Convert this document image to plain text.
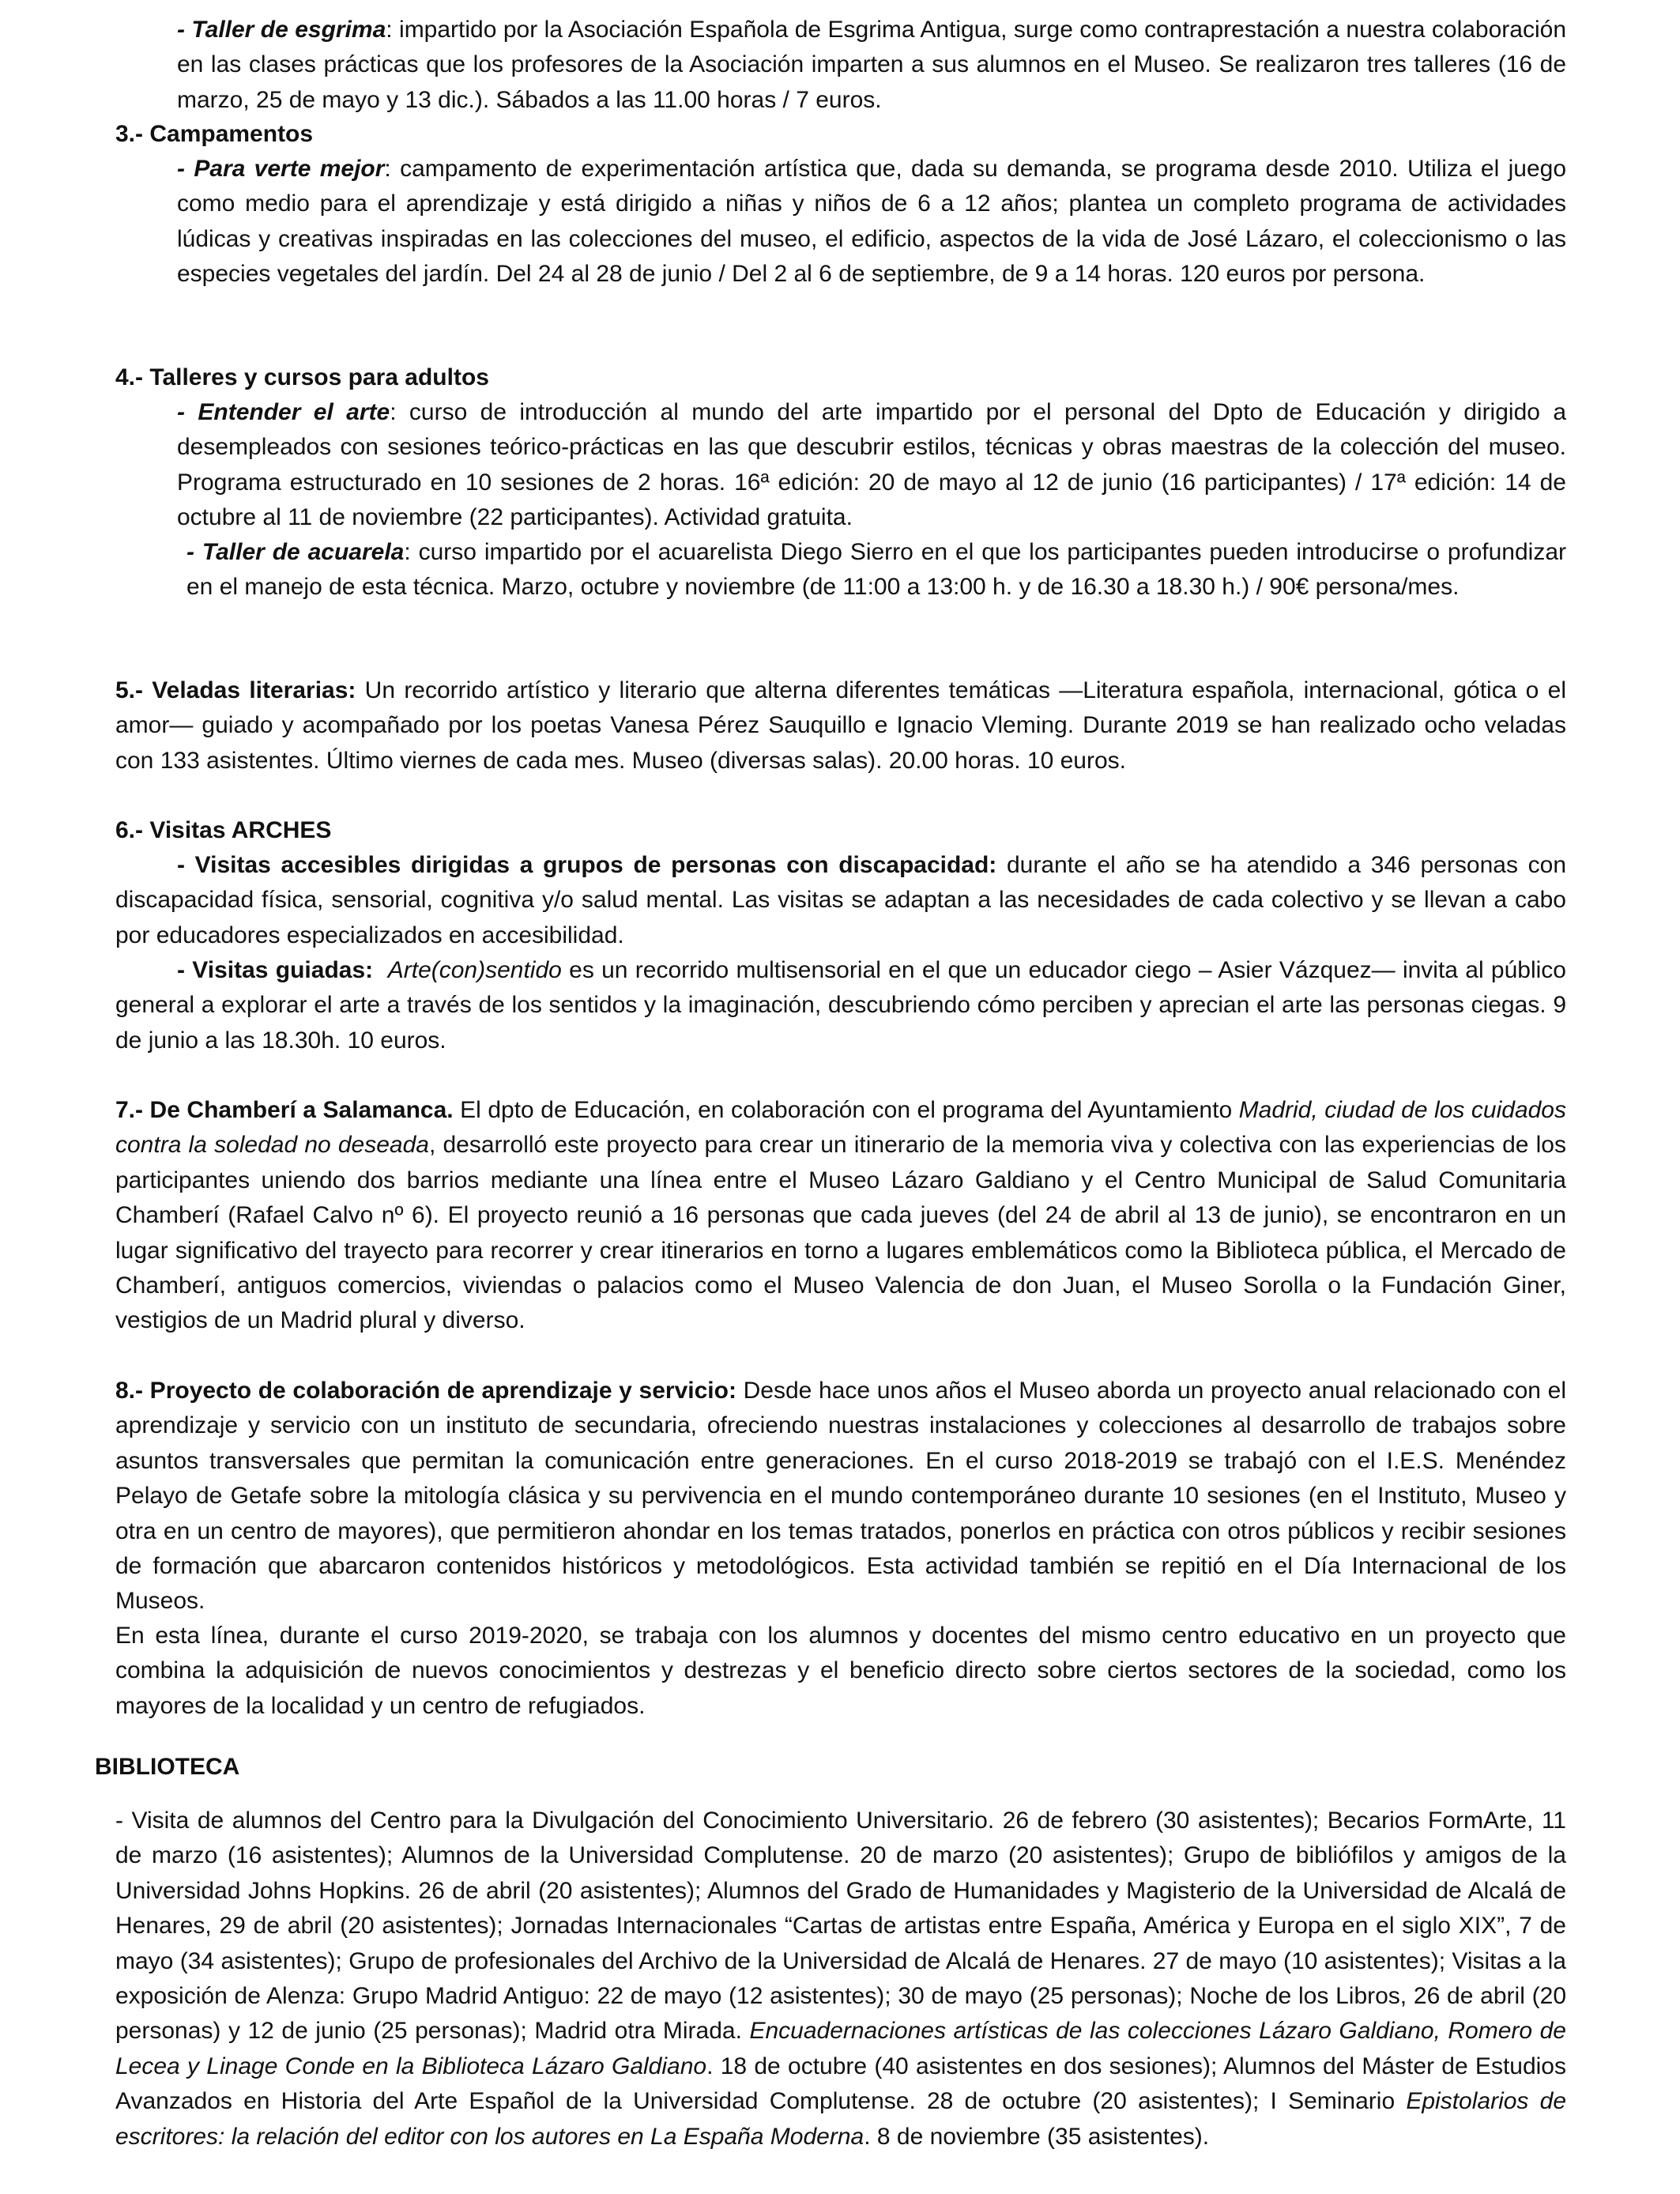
- Taller de esgrima: impartido por la Asociación Española de Esgrima Antigua, surge como contraprestación a nuestra colaboración en las clases prácticas que los profesores de la Asociación imparten a sus alumnos en el Museo. Se realizaron tres talleres (16 de marzo, 25 de mayo y 13 dic.). Sábados a las 11.00 horas / 7 euros.

3.- Campamentos

- Para verte mejor: campamento de experimentación artística que, dada su demanda, se programa desde 2010. Utiliza el juego como medio para el aprendizaje y está dirigido a niñas y niños de 6 a 12 años; plantea un completo programa de actividades lúdicas y creativas inspiradas en las colecciones del museo, el edificio, aspectos de la vida de José Lázaro, el coleccionismo o las especies vegetales del jardín. Del 24 al 28 de junio / Del 2 al 6 de septiembre, de 9 a 14 horas. 120 euros por persona.

4.- Talleres y cursos para adultos

- Entender el arte: curso de introducción al mundo del arte impartido por el personal del Dpto de Educación y dirigido a desempleados con sesiones teórico-prácticas en las que descubrir estilos, técnicas y obras maestras de la colección del museo. Programa estructurado en 10 sesiones de 2 horas. 16ª edición: 20 de mayo al 12 de junio (16 participantes) / 17ª edición: 14 de octubre al 11 de noviembre (22 participantes). Actividad gratuita.

- Taller de acuarela: curso impartido por el acuarelista Diego Sierro en el que los participantes pueden introducirse o profundizar en el manejo de esta técnica. Marzo, octubre y noviembre (de 11:00 a 13:00 h. y de 16.30 a 18.30 h.) / 90€ persona/mes.

5.- Veladas literarias: Un recorrido artístico y literario que alterna diferentes temáticas —Literatura española, internacional, gótica o el amor— guiado y acompañado por los poetas Vanesa Pérez Sauquillo e Ignacio Vleming. Durante 2019 se han realizado ocho veladas con 133 asistentes. Último viernes de cada mes. Museo (diversas salas). 20.00 horas. 10 euros.

6.- Visitas ARCHES

- Visitas accesibles dirigidas a grupos de personas con discapacidad: durante el año se ha atendido a 346 personas con discapacidad física, sensorial, cognitiva y/o salud mental. Las visitas se adaptan a las necesidades de cada colectivo y se llevan a cabo por educadores especializados en accesibilidad.

- Visitas guiadas: Arte(con)sentido es un recorrido multisensorial en el que un educador ciego – Asier Vázquez— invita al público general a explorar el arte a través de los sentidos y la imaginación, descubriendo cómo perciben y aprecian el arte las personas ciegas. 9 de junio a las 18.30h. 10 euros.

7.- De Chamberí a Salamanca. El dpto de Educación, en colaboración con el programa del Ayuntamiento Madrid, ciudad de los cuidados contra la soledad no deseada, desarrolló este proyecto para crear un itinerario de la memoria viva y colectiva con las experiencias de los participantes uniendo dos barrios mediante una línea entre el Museo Lázaro Galdiano y el Centro Municipal de Salud Comunitaria Chamberí (Rafael Calvo nº 6). El proyecto reunió a 16 personas que cada jueves (del 24 de abril al 13 de junio), se encontraron en un lugar significativo del trayecto para recorrer y crear itinerarios en torno a lugares emblemáticos como la Biblioteca pública, el Mercado de Chamberí, antiguos comercios, viviendas o palacios como el Museo Valencia de don Juan, el Museo Sorolla o la Fundación Giner, vestigios de un Madrid plural y diverso.

8.- Proyecto de colaboración de aprendizaje y servicio: Desde hace unos años el Museo aborda un proyecto anual relacionado con el aprendizaje y servicio con un instituto de secundaria, ofreciendo nuestras instalaciones y colecciones al desarrollo de trabajos sobre asuntos transversales que permitan la comunicación entre generaciones. En el curso 2018-2019 se trabajó con el I.E.S. Menéndez Pelayo de Getafe sobre la mitología clásica y su pervivencia en el mundo contemporáneo durante 10 sesiones (en el Instituto, Museo y otra en un centro de mayores), que permitieron ahondar en los temas tratados, ponerlos en práctica con otros públicos y recibir sesiones de formación que abarcaron contenidos históricos y metodológicos. Esta actividad también se repitió en el Día Internacional de los Museos.

En esta línea, durante el curso 2019-2020, se trabaja con los alumnos y docentes del mismo centro educativo en un proyecto que combina la adquisición de nuevos conocimientos y destrezas y el beneficio directo sobre ciertos sectores de la sociedad, como los mayores de la localidad y un centro de refugiados.

BIBLIOTECA

- Visita de alumnos del Centro para la Divulgación del Conocimiento Universitario. 26 de febrero (30 asistentes); Becarios FormArte, 11 de marzo (16 asistentes); Alumnos de la Universidad Complutense. 20 de marzo (20 asistentes); Grupo de bibliófilos y amigos de la Universidad Johns Hopkins. 26 de abril (20 asistentes); Alumnos del Grado de Humanidades y Magisterio de la Universidad de Alcalá de Henares, 29 de abril (20 asistentes); Jornadas Internacionales “Cartas de artistas entre España, América y Europa en el siglo XIX”, 7 de mayo (34 asistentes); Grupo de profesionales del Archivo de la Universidad de Alcalá de Henares. 27 de mayo (10 asistentes); Visitas a la exposición de Alenza: Grupo Madrid Antiguo: 22 de mayo (12 asistentes); 30 de mayo (25 personas); Noche de los Libros, 26 de abril (20 personas) y 12 de junio (25 personas); Madrid otra Mirada. Encuadernaciones artísticas de las colecciones Lázaro Galdiano, Romero de Lecea y Linage Conde en la Biblioteca Lázaro Galdiano. 18 de octubre (40 asistentes en dos sesiones); Alumnos del Máster de Estudios Avanzados en Historia del Arte Español de la Universidad Complutense. 28 de octubre (20 asistentes); I Seminario Epistolarios de escritores: la relación del editor con los autores en La España Moderna. 8 de noviembre (35 asistentes).
